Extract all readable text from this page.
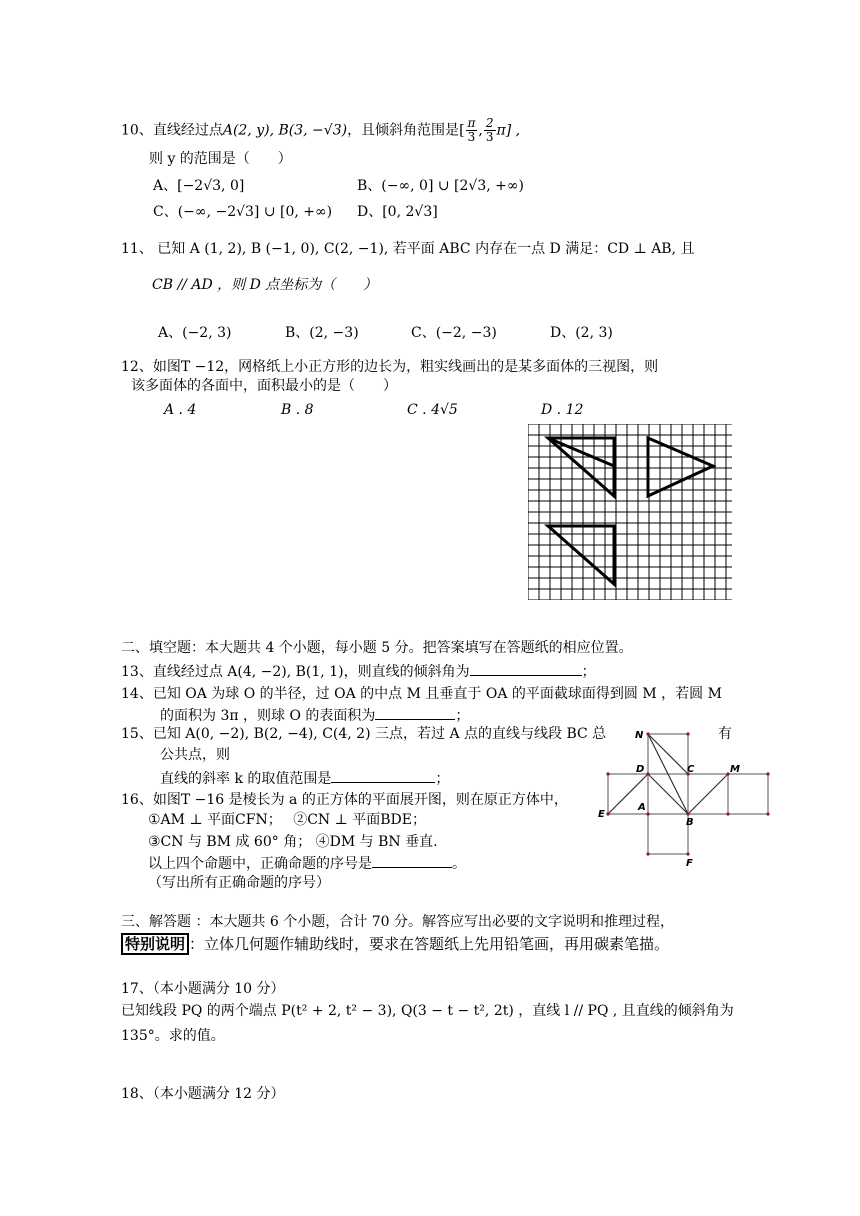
10、直线经过点A(2, y), B(3, −√3)，且倾斜角范围是[ $\frac{\pi}{3}$ , $\frac{2}{3} \pi$] ,
则 y 的范围是（　　）
A、[−2√3, 0]	B、(−∞, 0] ∪ [2√3, +∞)
C、(−∞, −2√3] ∪ [0, +∞) D、[0, 2√3]
11、 已知 A (1, 2), B (−1, 0), C(2, −1), 若平面 ABC 内存在一点 D 满足：CD ⊥ AB, 且
CB // AD ，则 D 点坐标为（　　）
A、(−2, 3)	B、(2, −3)	C、(−2, −3)	D、(2, 3)
12、如图T −12，网格纸上小正方形的边长为，粗实线画出的是某多面体的三视图，则
该多面体的各面中，面积最小的是（　　）
A . 4	B . 8	C . 4√5	D . 12
二、填空题：本大题共 4 个小题，每小题 5 分。把答案填写在答题纸的相应位置。
13、直线经过点 A(4, −2), B(1, 1)，则直线的倾斜角为	；
14、已知 OA 为球 O 的半径，过 OA 的中点 M 且垂直于 OA 的平面截球面得到圆 M ，若圆 M
的面积为 3π ，则球 O 的表面积为	；
15、已知 A(0, −2), B(2, −4), C(4, 2) 三点，若过 A 点的直线与线段 BC 总	有
公共点，则
直线的斜率 k 的取值范围是	；
16、如图T −16 是棱长为 a 的正方体的平面展开图，则在原正方体中，
①AM ⊥ 平面CFN；　 ②CN ⊥ 平面BDE；
③CN 与 BM 成 60° 角； ④DM 与 BN 垂直.
以上四个命题中，正确命题的序号是	。
（写出所有正确命题的序号）
N
D	C	M
E
A
B
F
三、解答题 ：本大题共 6 个小题，合计 70 分。解答应写出必要的文字说明和推理过程，
特别说明 ：立体几何题作辅助线时，要求在答题纸上先用铅笔画，再用碳素笔描。
17、（本小题满分 10 分）
已知线段 PQ 的两个端点 P(t² + 2, t² − 3), Q(3 − t − t², 2t) ，直线 l // PQ , 且直线的倾斜角为
135°。求的值。
18、（本小题满分 12 分）
